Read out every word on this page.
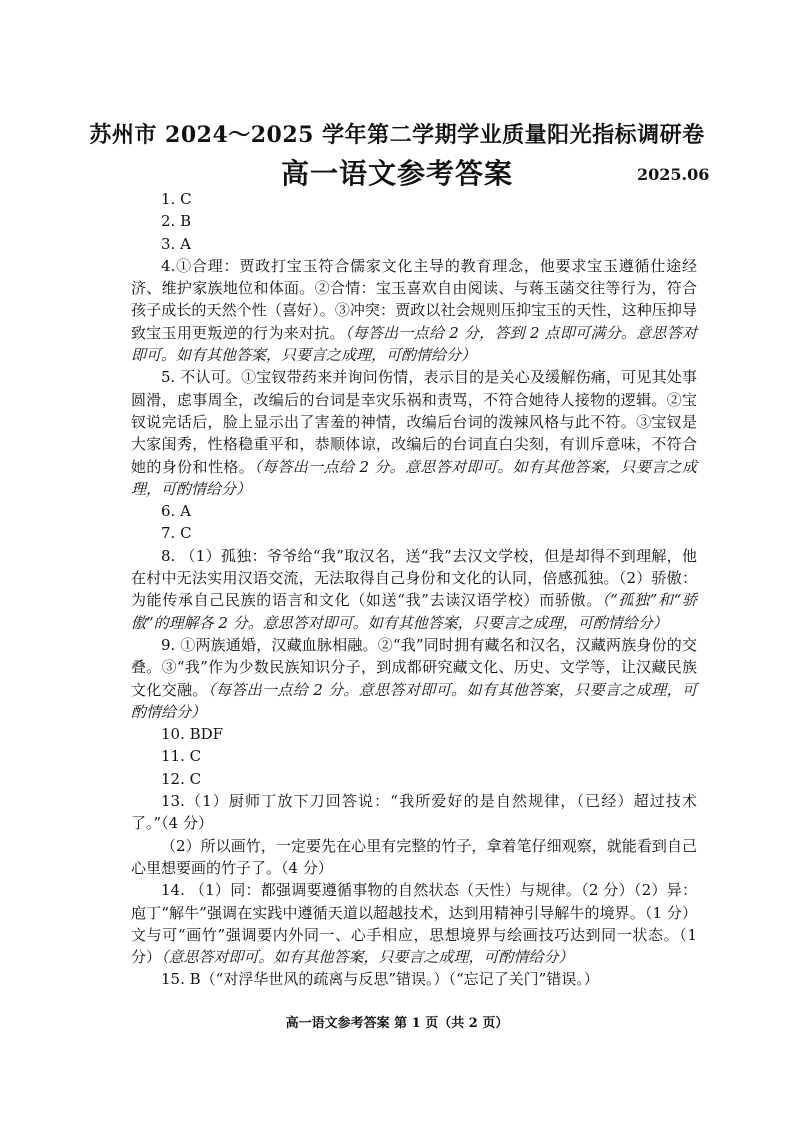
苏州市 2024～2025 学年第二学期学业质量阳光指标调研卷
高一语文参考答案	2025.06

1. C

2. B

3. A

4.①合理：贾政打宝玉符合儒家文化主导的教育理念，他要求宝玉遵循仕途经济、维护家族地位和体面。②合情：宝玉喜欢自由阅读、与蒋玉菡交往等行为，符合孩子成长的天然个性（喜好）。③冲突：贾政以社会规则压抑宝玉的天性，这种压抑导致宝玉用更叛逆的行为来对抗。（每答出一点给 2 分，答到 2 点即可满分。意思答对即可。如有其他答案，只要言之成理，可酌情给分）

5. 不认可。①宝钗带药来并询问伤情，表示目的是关心及缓解伤痛，可见其处事圆滑，虑事周全，改编后的台词是幸灾乐祸和责骂，不符合她待人接物的逻辑。②宝钗说完话后，脸上显示出了害羞的神情，改编后台词的泼辣风格与此不符。③宝钗是大家闺秀，性格稳重平和，恭顺体谅，改编后的台词直白尖刻，有训斥意味，不符合她的身份和性格。（每答出一点给 2 分。意思答对即可。如有其他答案，只要言之成理，可酌情给分）

6. A

7. C

8. （1）孤独：爷爷给“我”取汉名，送“我”去汉文学校，但是却得不到理解，他在村中无法实用汉语交流，无法取得自己身份和文化的认同，倍感孤独。（2）骄傲：为能传承自己民族的语言和文化（如送“我”去读汉语学校）而骄傲。（“孤独”和“骄傲”的理解各 2 分。意思答对即可。如有其他答案，只要言之成理，可酌情给分）

9. ①两族通婚，汉藏血脉相融。②“我”同时拥有藏名和汉名，汉藏两族身份的交叠。③“我”作为少数民族知识分子，到成都研究藏文化、历史、文学等，让汉藏民族文化交融。（每答出一点给 2 分。意思答对即可。如有其他答案，只要言之成理，可酌情给分）

10. BDF

11. C

12. C

13.（1）厨师丁放下刀回答说：“我所爱好的是自然规律，（已经）超过技术了。”（4 分）

（2）所以画竹，一定要先在心里有完整的竹子，拿着笔仔细观察，就能看到自己心里想要画的竹子了。（4 分）

14. （1）同：都强调要遵循事物的自然状态（天性）与规律。（2 分）（2）异：庖丁“解牛”强调在实践中遵循天道以超越技术，达到用精神引导解牛的境界。（1 分）文与可“画竹”强调要内外同一、心手相应，思想境界与绘画技巧达到同一状态。（1 分）（意思答对即可。如有其他答案，只要言之成理，可酌情给分）

15. B（“对浮华世风的疏离与反思”错误。）（“忘记了关门”错误。）

高一语文参考答案 第 1 页（共 2 页）
